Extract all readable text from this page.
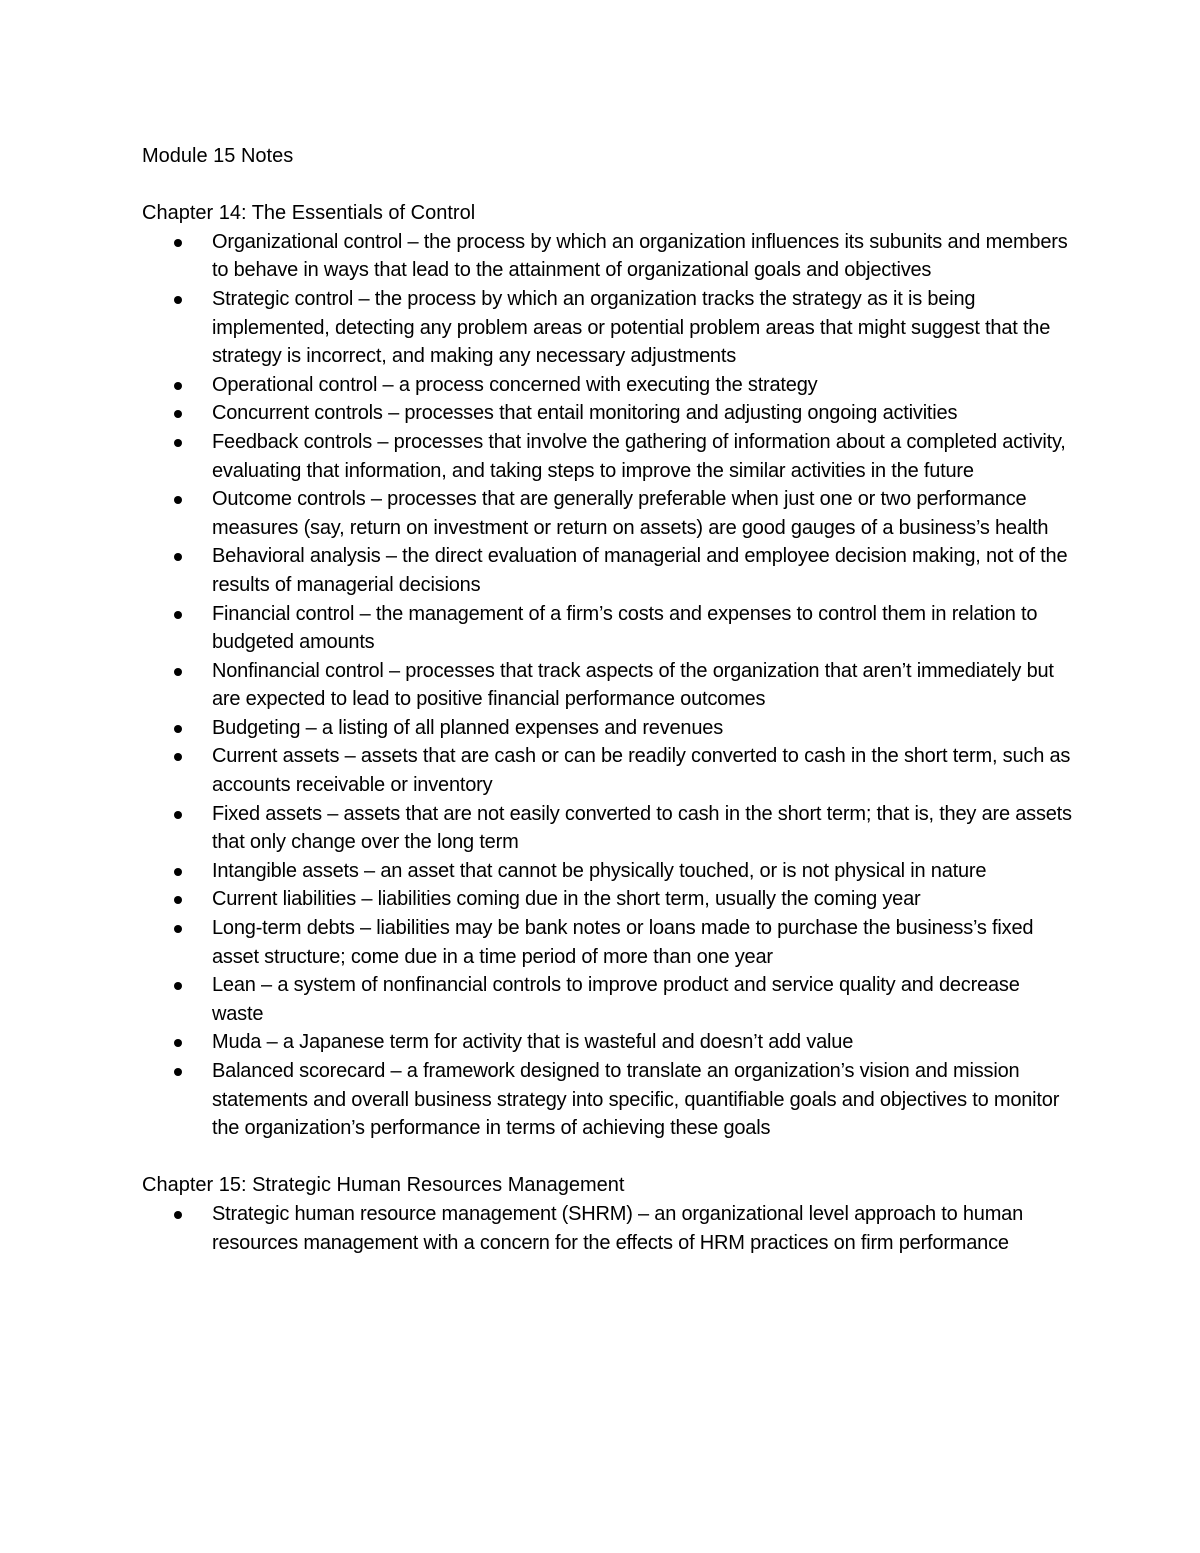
Module 15 Notes

Chapter 14: The Essentials of Control

Organizational control – the process by which an organization influences its subunits and members to behave in ways that lead to the attainment of organizational goals and objectives
Strategic control – the process by which an organization tracks the strategy as it is being implemented, detecting any problem areas or potential problem areas that might suggest that the strategy is incorrect, and making any necessary adjustments
Operational control – a process concerned with executing the strategy
Concurrent controls – processes that entail monitoring and adjusting ongoing activities
Feedback controls – processes that involve the gathering of information about a completed activity, evaluating that information, and taking steps to improve the similar activities in the future
Outcome controls – processes that are generally preferable when just one or two performance measures (say, return on investment or return on assets) are good gauges of a business’s health
Behavioral analysis – the direct evaluation of managerial and employee decision making, not of the results of managerial decisions
Financial control – the management of a firm’s costs and expenses to control them in relation to budgeted amounts
Nonfinancial control – processes that track aspects of the organization that aren’t immediately but are expected to lead to positive financial performance outcomes
Budgeting – a listing of all planned expenses and revenues
Current assets – assets that are cash or can be readily converted to cash in the short term, such as accounts receivable or inventory
Fixed assets – assets that are not easily converted to cash in the short term; that is, they are assets that only change over the long term
Intangible assets – an asset that cannot be physically touched, or is not physical in nature
Current liabilities – liabilities coming due in the short term, usually the coming year
Long-term debts – liabilities may be bank notes or loans made to purchase the business’s fixed asset structure; come due in a time period of more than one year
Lean – a system of nonfinancial controls to improve product and service quality and decrease waste
Muda – a Japanese term for activity that is wasteful and doesn’t add value
Balanced scorecard – a framework designed to translate an organization’s vision and mission statements and overall business strategy into specific, quantifiable goals and objectives to monitor the organization’s performance in terms of achieving these goals

Chapter 15: Strategic Human Resources Management

Strategic human resource management (SHRM) – an organizational level approach to human resources management with a concern for the effects of HRM practices on firm performance
